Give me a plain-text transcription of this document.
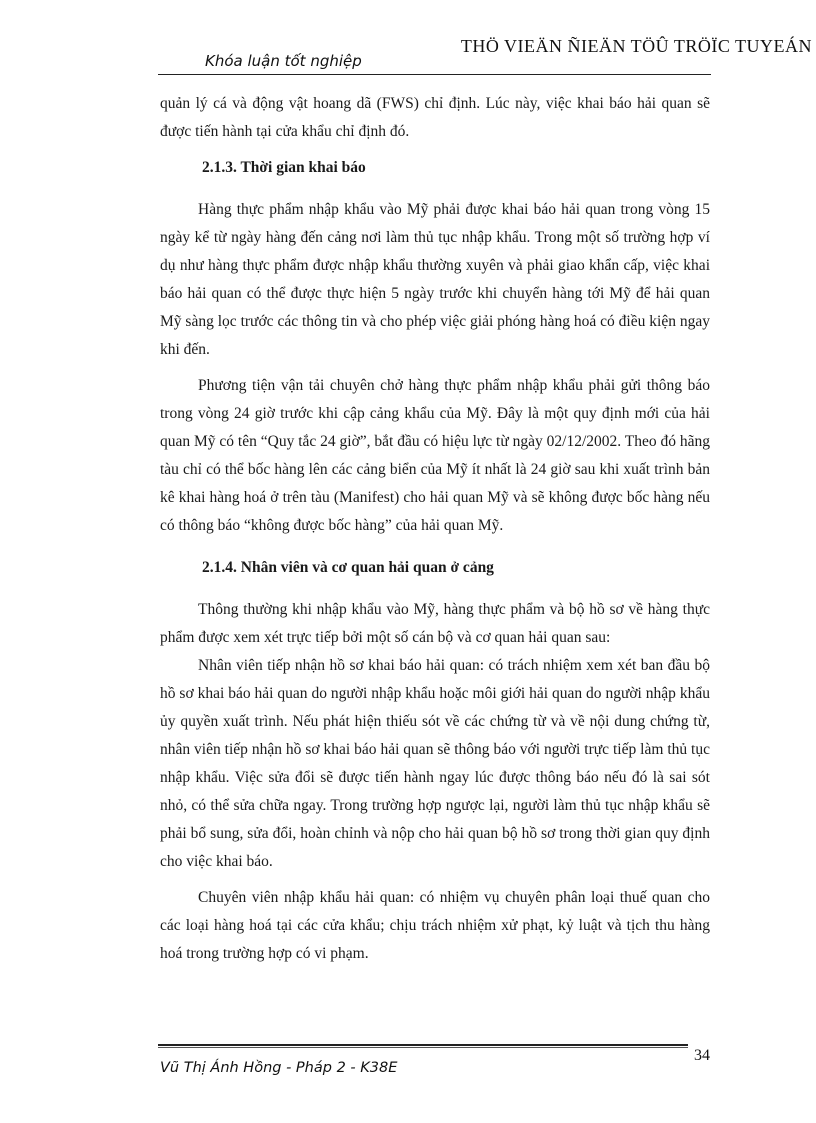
Khóa luận tốt nghiệp
THÖ VIEÄN ÑIEÄN TÖÛ TRÖÏC TUYEÁN

quản lý cá và động vật hoang dã (FWS) chỉ định. Lúc này, việc khai báo hải quan sẽ được tiến hành tại cửa khẩu chỉ định đó.

2.1.3. Thời gian khai báo

Hàng thực phẩm nhập khẩu vào Mỹ phải được khai báo hải quan trong vòng 15 ngày kể từ ngày hàng đến cảng nơi làm thủ tục nhập khẩu. Trong một số trường hợp ví dụ như hàng thực phẩm được nhập khẩu thường xuyên và phải giao khẩn cấp, việc khai báo hải quan có thể được thực hiện 5 ngày trước khi chuyển hàng tới Mỹ để hải quan Mỹ sàng lọc trước các thông tin và cho phép việc giải phóng hàng hoá có điều kiện ngay khi đến.

Phương tiện vận tải chuyên chở hàng thực phẩm nhập khẩu phải gửi thông báo trong vòng 24 giờ trước khi cập cảng khẩu của Mỹ. Đây là một quy định mới của hải quan Mỹ có tên “Quy tắc 24 giờ”, bắt đầu có hiệu lực từ ngày 02/12/2002. Theo đó hãng tàu chỉ có thể bốc hàng lên các cảng biển của Mỹ ít nhất là 24 giờ sau khi xuất trình bản kê khai hàng hoá ở trên tàu (Manifest) cho hải quan Mỹ và sẽ không được bốc hàng nếu có thông báo “không được bốc hàng” của hải quan Mỹ.

2.1.4. Nhân viên và cơ quan hải quan ở cảng

Thông thường khi nhập khẩu vào Mỹ, hàng thực phẩm và bộ hồ sơ về hàng thực phẩm được xem xét trực tiếp bởi một số cán bộ và cơ quan hải quan sau:

Nhân viên tiếp nhận hồ sơ khai báo hải quan: có trách nhiệm xem xét ban đầu bộ hồ sơ khai báo hải quan do người nhập khẩu hoặc môi giới hải quan do người nhập khẩu ủy quyền xuất trình. Nếu phát hiện thiếu sót về các chứng từ và về nội dung chứng từ, nhân viên tiếp nhận hồ sơ khai báo hải quan sẽ thông báo với người trực tiếp làm thủ tục nhập khẩu. Việc sửa đổi sẽ được tiến hành ngay lúc được thông báo nếu đó là sai sót nhỏ, có thể sửa chữa ngay. Trong trường hợp ngược lại, người làm thủ tục nhập khẩu sẽ phải bổ sung, sửa đổi, hoàn chỉnh và nộp cho hải quan bộ hồ sơ trong thời gian quy định cho việc khai báo.

Chuyên viên nhập khẩu hải quan: có nhiệm vụ chuyên phân loại thuế quan cho các loại hàng hoá tại các cửa khẩu; chịu trách nhiệm xử phạt, kỷ luật và tịch thu hàng hoá trong trường hợp có vi phạm.

Vũ Thị Ánh Hồng - Pháp 2 - K38E
34
